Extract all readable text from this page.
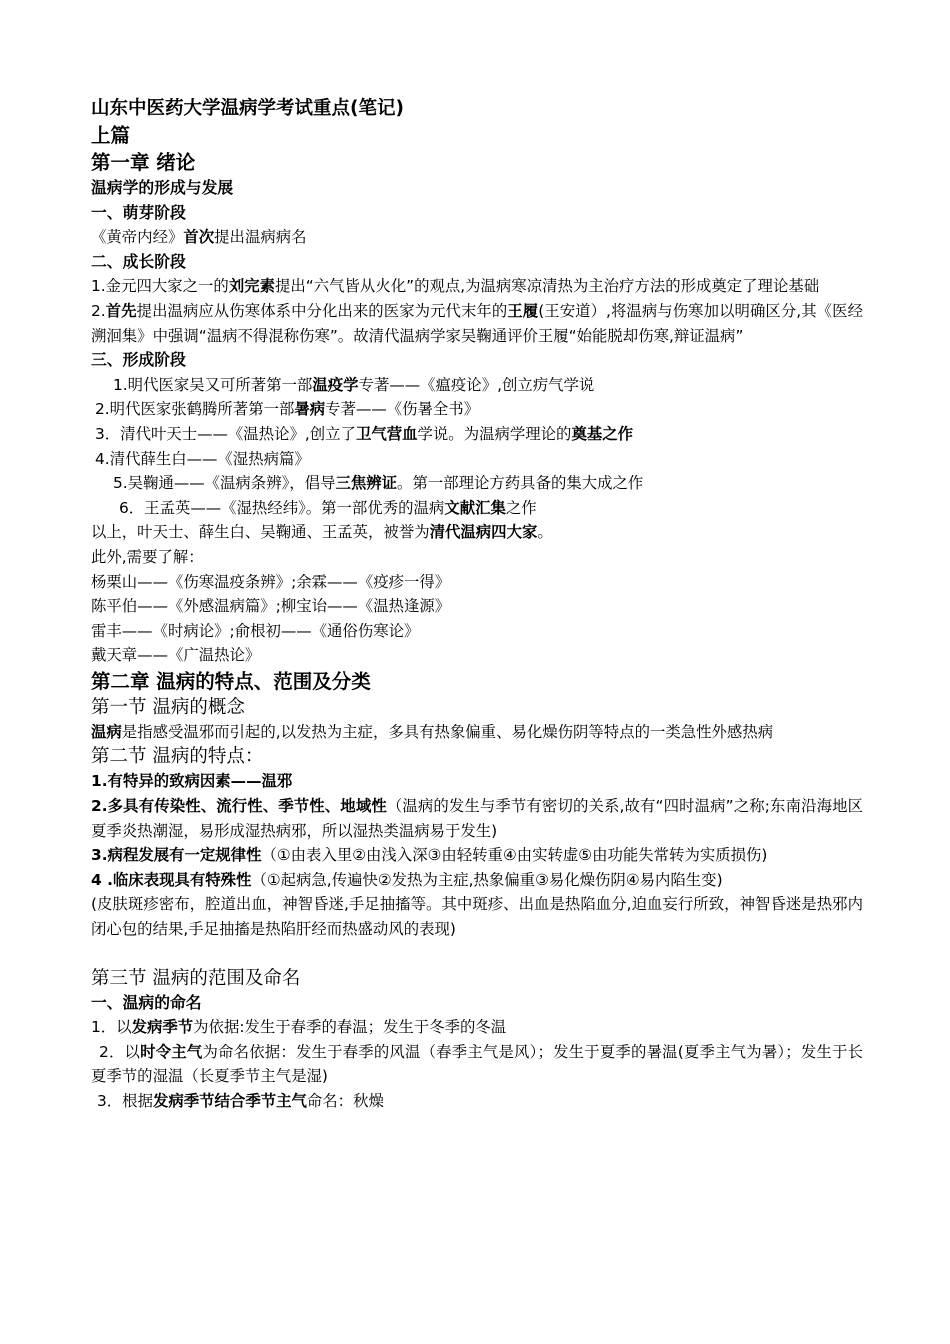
山东中医药大学温病学考试重点(笔记)

上篇

第一章 绪论

温病学的形成与发展

一、萌芽阶段

《黄帝内经》首次提出温病病名

二、成长阶段

1.金元四大家之一的刘完素提出“六气皆从火化”的观点,为温病寒凉清热为主治疗方法的形成奠定了理论基础

2.首先提出温病应从伤寒体系中分化出来的医家为元代末年的王履(王安道）,将温病与伤寒加以明确区分,其《医经溯洄集》中强调“温病不得混称伤寒”。故清代温病学家吴鞠通评价王履“始能脱却伤寒,辩证温病”

三、形成阶段

1.明代医家吴又可所著第一部温疫学专著——《瘟疫论》,创立疠气学说

2.明代医家张鹤腾所著第一部暑病专著——《伤暑全书》

3．清代叶天士——《温热论》,创立了卫气营血学说。为温病学理论的奠基之作

4.清代薛生白——《湿热病篇》

5.吴鞠通——《温病条辨》，倡导三焦辨证。第一部理论方药具备的集大成之作

6．王孟英——《湿热经纬》。第一部优秀的温病文献汇集之作

以上，叶天士、薛生白、吴鞠通、王孟英，被誉为清代温病四大家。

此外,需要了解：

杨栗山——《伤寒温疫条辨》;余霖——《疫疹一得》

陈平伯——《外感温病篇》;柳宝诒——《温热逢源》

雷丰——《时病论》;俞根初——《通俗伤寒论》

戴天章——《广温热论》

第二章 温病的特点、范围及分类

第一节 温病的概念

温病是指感受温邪而引起的,以发热为主症，多具有热象偏重、易化燥伤阴等特点的一类急性外感热病

第二节 温病的特点：

1.有特异的致病因素——温邪

2.多具有传染性、流行性、季节性、地域性（温病的发生与季节有密切的关系,故有“四时温病”之称;东南沿海地区夏季炎热潮湿，易形成湿热病邪，所以湿热类温病易于发生)

3.病程发展有一定规律性（①由表入里②由浅入深③由轻转重④由实转虚⑤由功能失常转为实质损伤)

4 .临床表现具有特殊性（①起病急,传遍快②发热为主症,热象偏重③易化燥伤阴④易内陷生变)

(皮肤斑疹密布，腔道出血，神智昏迷,手足抽搐等。其中斑疹、出血是热陷血分,迫血妄行所致，神智昏迷是热邪内闭心包的结果,手足抽搐是热陷肝经而热盛动风的表现)

第三节 温病的范围及命名

一、温病的命名

1．以发病季节为依据:发生于春季的春温；发生于冬季的冬温

2．以时令主气为命名依据：发生于春季的风温（春季主气是风）；发生于夏季的暑温(夏季主气为暑）；发生于长夏季节的湿温（长夏季节主气是湿)

3．根据发病季节结合季节主气命名：秋燥
